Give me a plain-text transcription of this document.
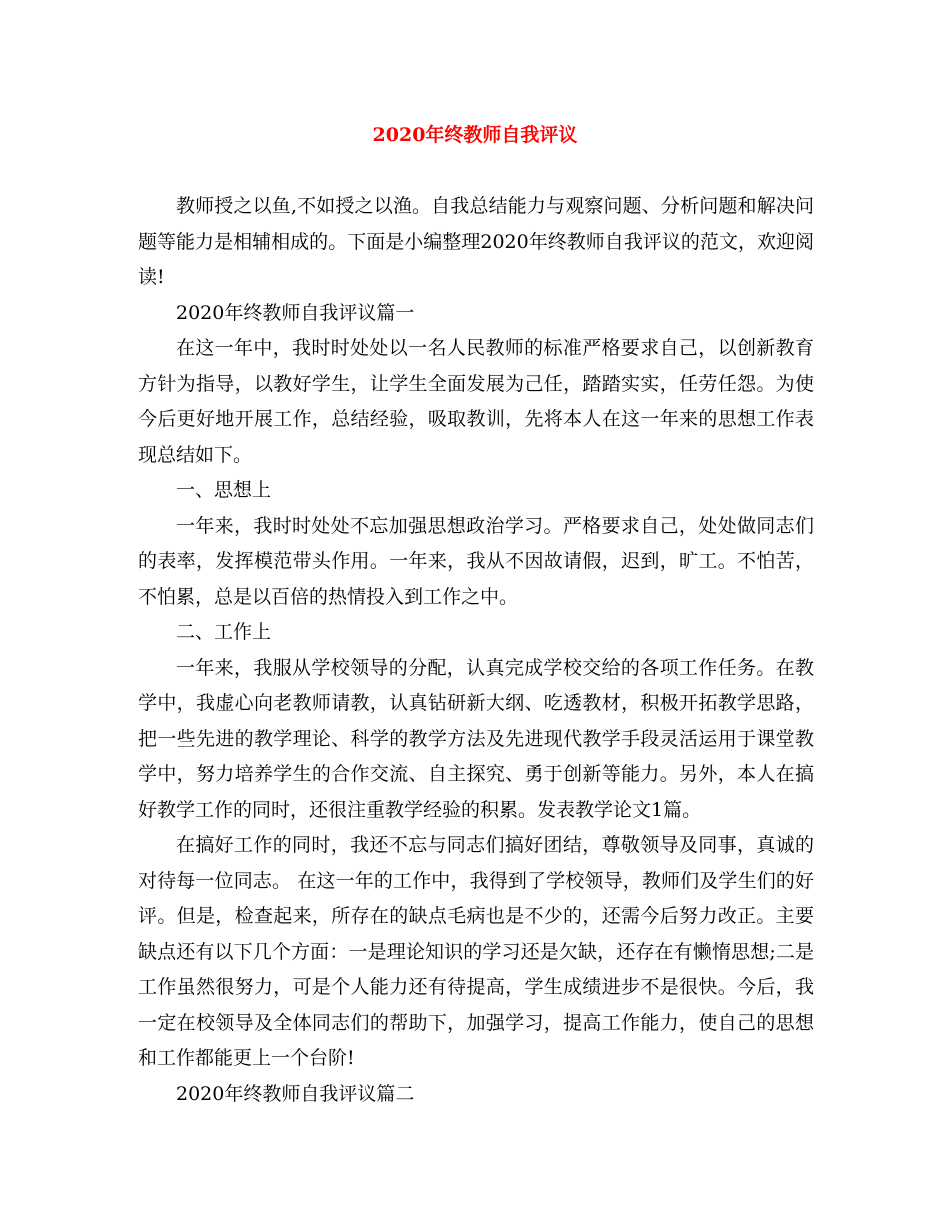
2020年终教师自我评议

教师授之以鱼,不如授之以渔。自我总结能力与观察问题、分析问题和解决问题等能力是相辅相成的。下面是小编整理2020年终教师自我评议的范文，欢迎阅读!

2020年终教师自我评议篇一

在这一年中，我时时处处以一名人民教师的标准严格要求自己，以创新教育方针为指导，以教好学生，让学生全面发展为己任，踏踏实实，任劳任怨。为使今后更好地开展工作，总结经验，吸取教训，先将本人在这一年来的思想工作表现总结如下。

一、思想上

一年来，我时时处处不忘加强思想政治学习。严格要求自己，处处做同志们的表率，发挥模范带头作用。一年来，我从不因故请假，迟到，旷工。不怕苦，不怕累，总是以百倍的热情投入到工作之中。

二、工作上

一年来，我服从学校领导的分配，认真完成学校交给的各项工作任务。在教学中，我虚心向老教师请教，认真钻研新大纲、吃透教材，积极开拓教学思路，把一些先进的教学理论、科学的教学方法及先进现代教学手段灵活运用于课堂教学中，努力培养学生的合作交流、自主探究、勇于创新等能力。另外，本人在搞好教学工作的同时，还很注重教学经验的积累。发表教学论文1篇。

在搞好工作的同时，我还不忘与同志们搞好团结，尊敬领导及同事，真诚的对待每一位同志。 在这一年的工作中，我得到了学校领导，教师们及学生们的好评。但是，检查起来，所存在的缺点毛病也是不少的，还需今后努力改正。主要缺点还有以下几个方面：一是理论知识的学习还是欠缺，还存在有懒惰思想;二是工作虽然很努力，可是个人能力还有待提高，学生成绩进步不是很快。今后，我一定在校领导及全体同志们的帮助下，加强学习，提高工作能力，使自己的思想和工作都能更上一个台阶!

2020年终教师自我评议篇二
